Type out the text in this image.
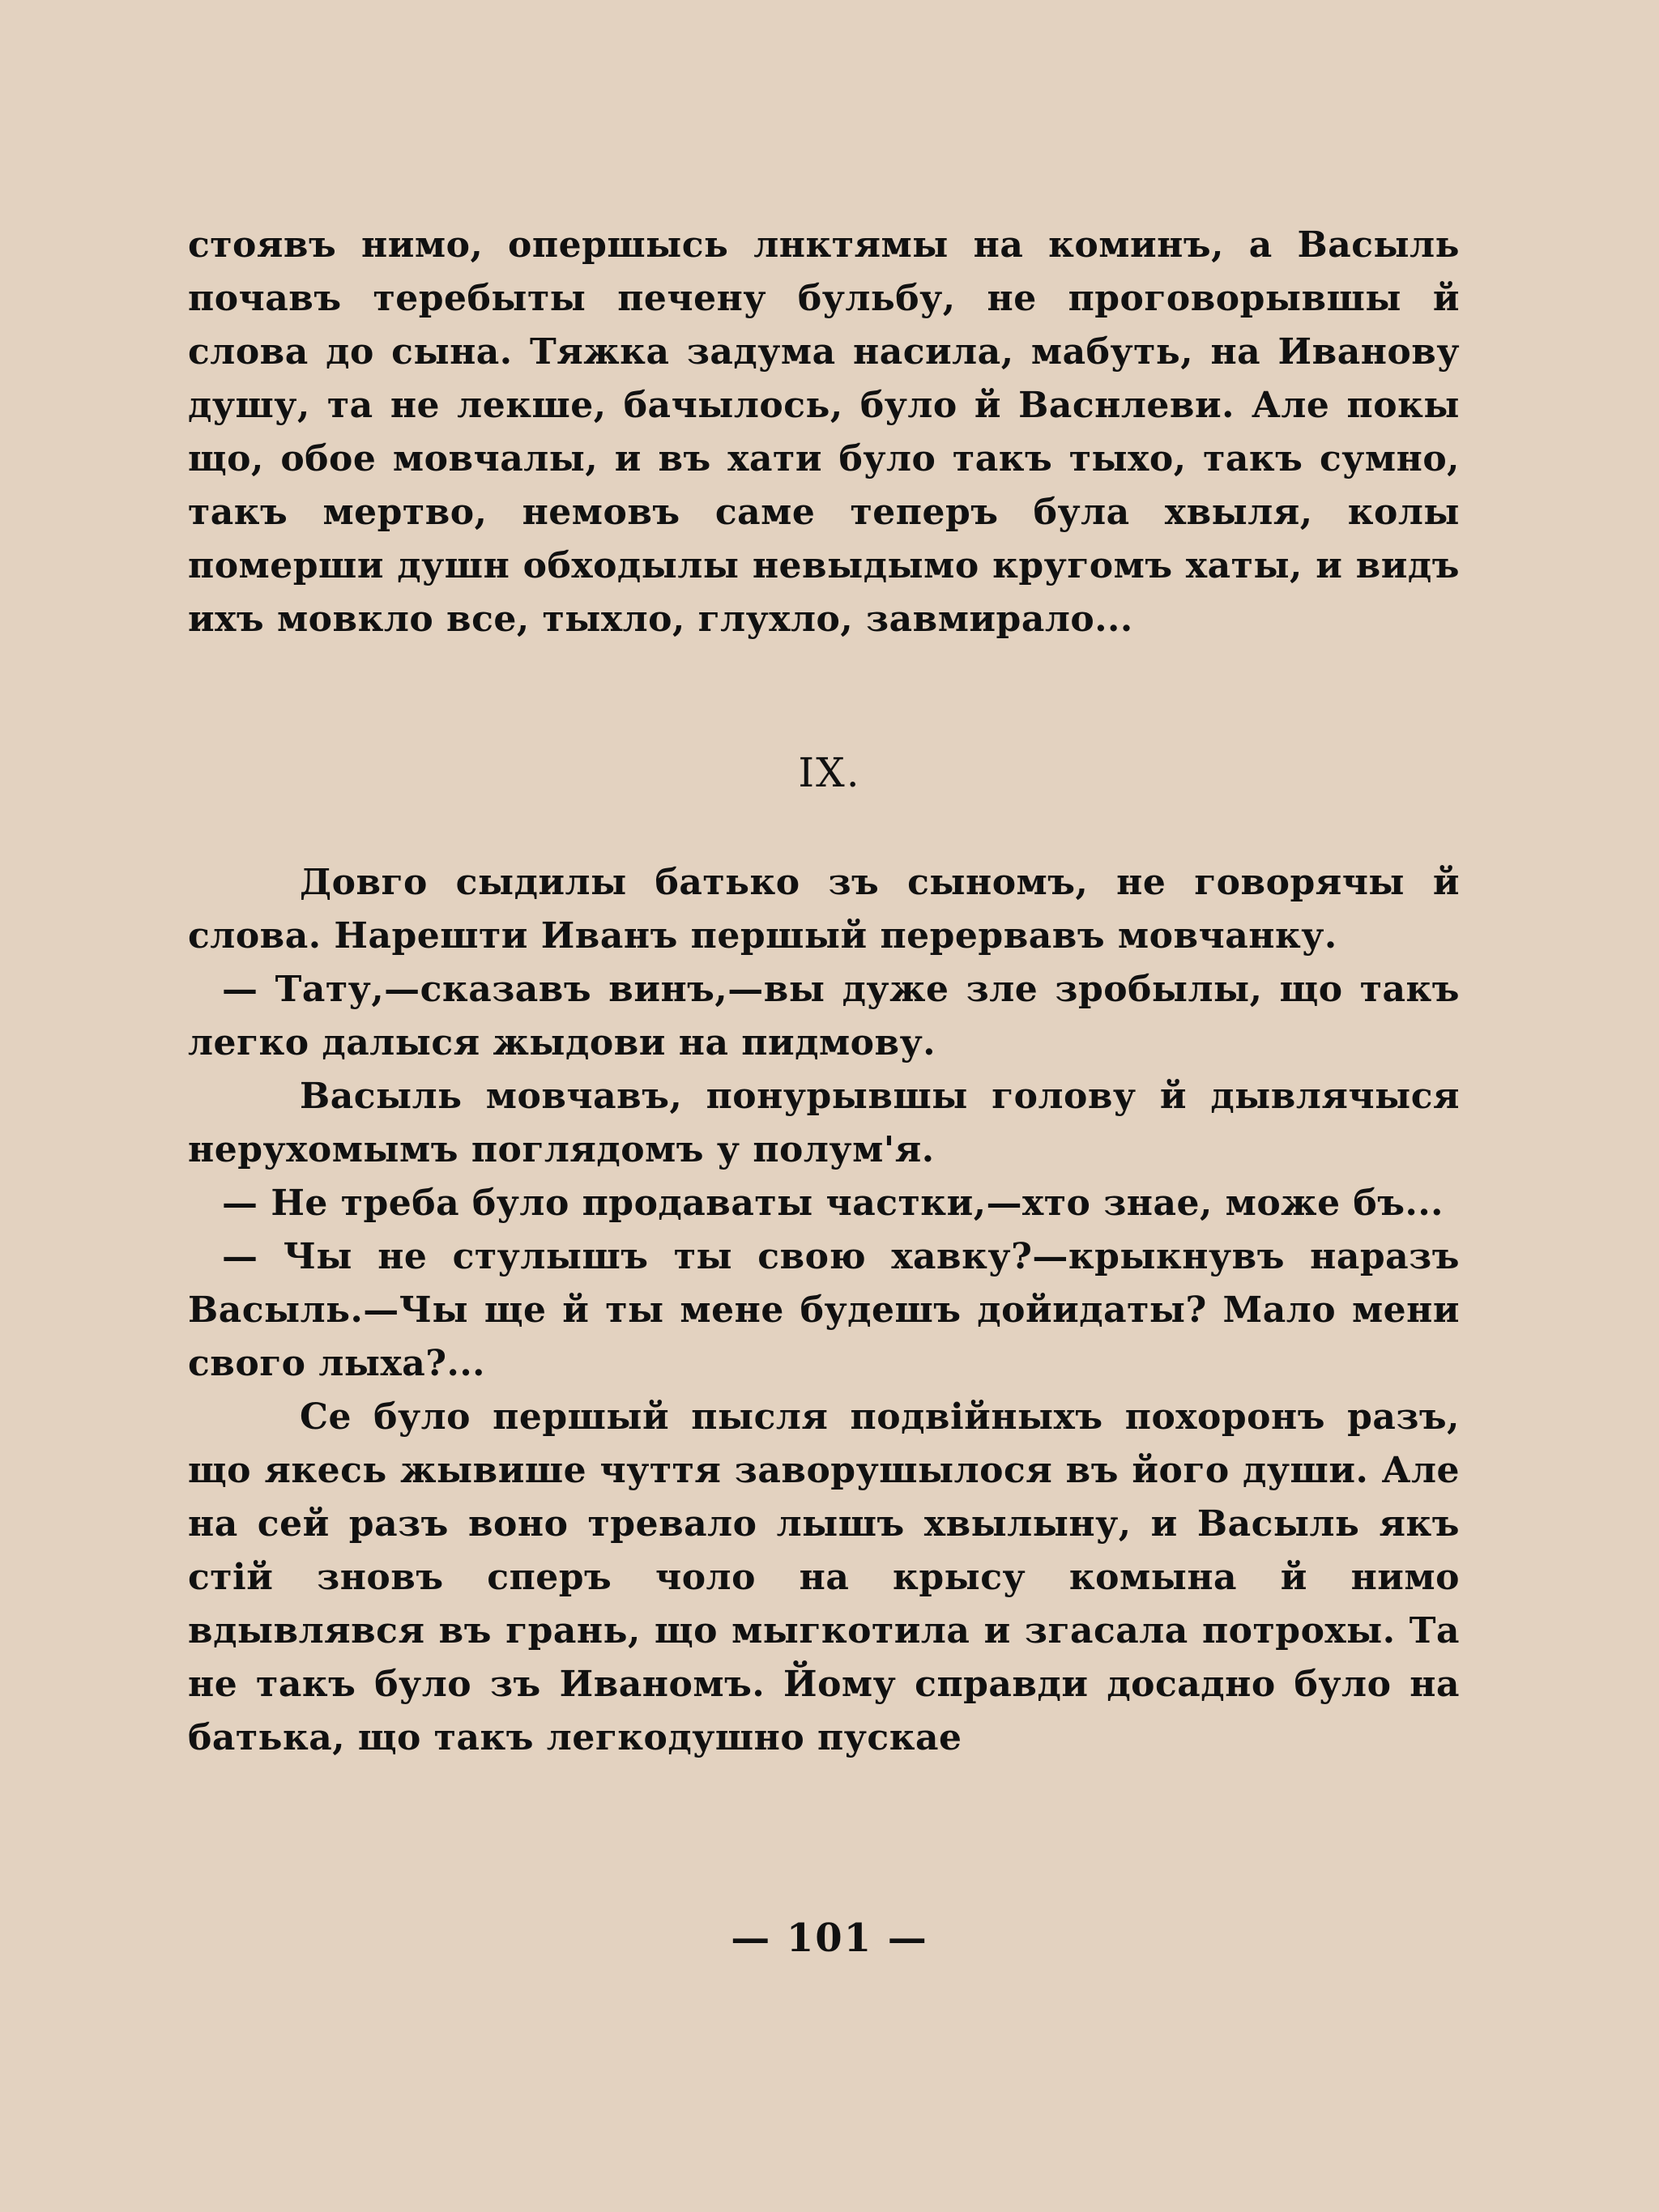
стоявъ нимо, опершысь лнктямы на коминъ, а Васыль почавъ теребыты печену бульбу, не проговорывшы й слова до сына. Тяжка задума насила, мабуть, на Иванову душу, та не лекше, бачылось, було й Васнлеви. Але покы що, обое мовчалы, и въ хати було такъ тыхо, такъ сумно, такъ мертво, немовъ саме теперъ була хвыля, колы померши душн обходылы невыдымо кругомъ хаты, и видъ ихъ мовкло все, тыхло, глухло, завмирало...

IX.

Довго сыдилы батько зъ сыномъ, не говорячы й слова. Нарешти Иванъ першый перервавъ мовчанку.

— Тату,—сказавъ винъ,—вы дуже зле зробылы, що такъ легко далыся жыдови на пидмову.

Васыль мовчавъ, понурывшы голову й дывлячыся нерухомымъ поглядомъ у полум'я.

— Не треба було продаваты частки,—хто знае, може бъ...

— Чы не стулышъ ты свою хавку?—крыкнувъ наразъ Васыль.—Чы ще й ты мене будешъ дойидаты? Мало мени свого лыха?...

Се було першый пысля подвійныхъ похоронъ разъ, що якесь жывише чуття заворушылося въ його души. Але на сей разъ воно тревало лышъ хвылыну, и Васыль якъ стій зновъ сперъ чоло на крысу комына й нимо вдывлявся въ грань, що мыгкотила и згасала потрохы. Та не такъ було зъ Иваномъ. Йому справди досадно було на батька, що такъ легкодушно пускае

— 101 —
